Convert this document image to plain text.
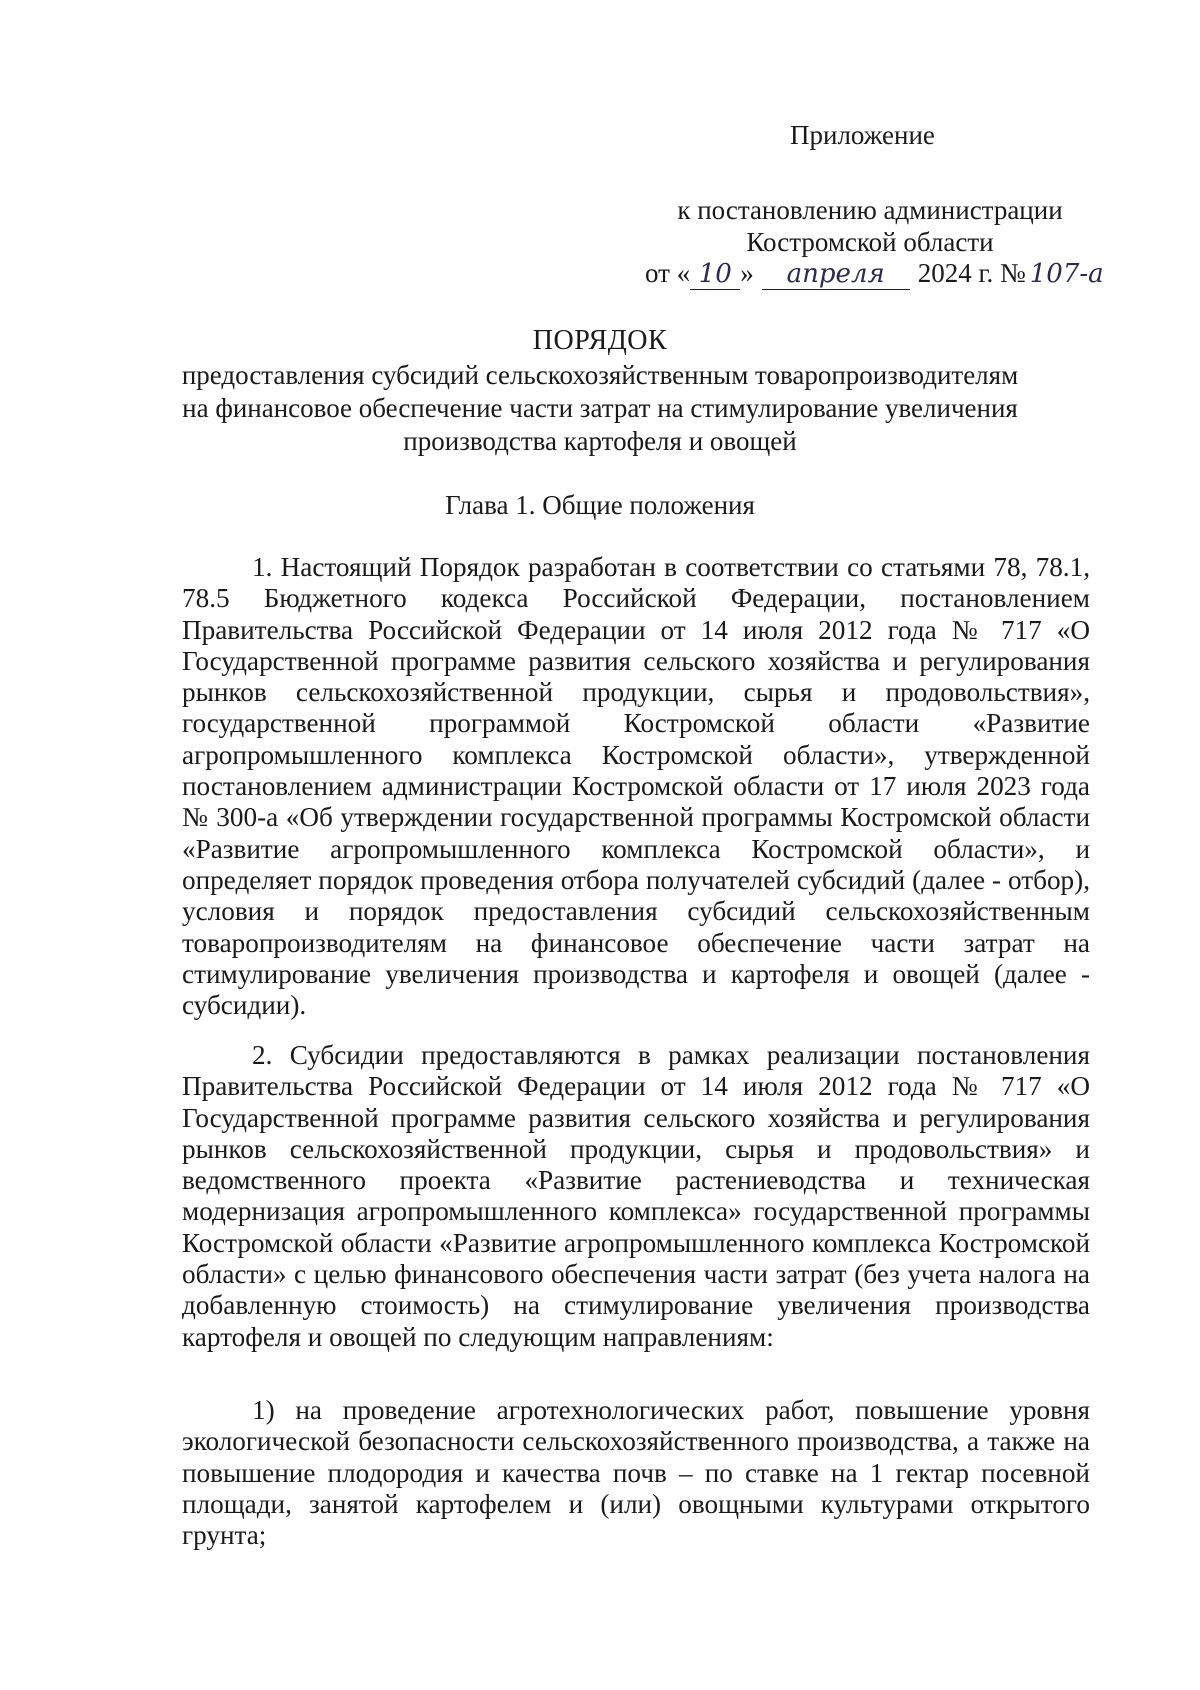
Приложение
к постановлению администрации
Костромской области
от « 10 »	апреля	2024 г. № 107-а
ПОРЯДОК
предоставления субсидий сельскохозяйственным товаропроизводителям
на финансовое обеспечение части затрат на стимулирование увеличения
производства картофеля и овощей
Глава 1. Общие положения

1. Настоящий Порядок разработан в соответствии со статьями 78, 78.1, 78.5 Бюджетного кодекса Российской Федерации, постановлением Правительства Российской Федерации от 14 июля 2012 года № 717 «О Государственной программе развития сельского хозяйства и регулирования рынков сельскохозяйственной продукции, сырья и продовольствия», государственной программой Костромской области «Развитие агропромышленного комплекса Костромской области», утвержденной постановлением администрации Костромской области от 17 июля 2023 года № 300-а «Об утверждении государственной программы Костромской области «Развитие агропромышленного комплекса Костромской области», и определяет порядок проведения отбора получателей субсидий (далее - отбор), условия и порядок предоставления субсидий сельскохозяйственным товаропроизводителям на финансовое обеспечение части затрат на стимулирование увеличения производства и картофеля и овощей (далее - субсидии).

2. Субсидии предоставляются в рамках реализации постановления Правительства Российской Федерации от 14 июля 2012 года № 717 «О Государственной программе развития сельского хозяйства и регулирования рынков сельскохозяйственной продукции, сырья и продовольствия» и ведомственного проекта «Развитие растениеводства и техническая модернизация агропромышленного комплекса» государственной программы Костромской области «Развитие агропромышленного комплекса Костромской области» с целью финансового обеспечения части затрат (без учета налога на добавленную стоимость) на стимулирование увеличения производства картофеля и овощей по следующим направлениям:

1) на проведение агротехнологических работ, повышение уровня экологической безопасности сельскохозяйственного производства, а также на повышение плодородия и качества почв – по ставке на 1 гектар посевной площади, занятой картофелем и (или) овощными культурами открытого грунта;
